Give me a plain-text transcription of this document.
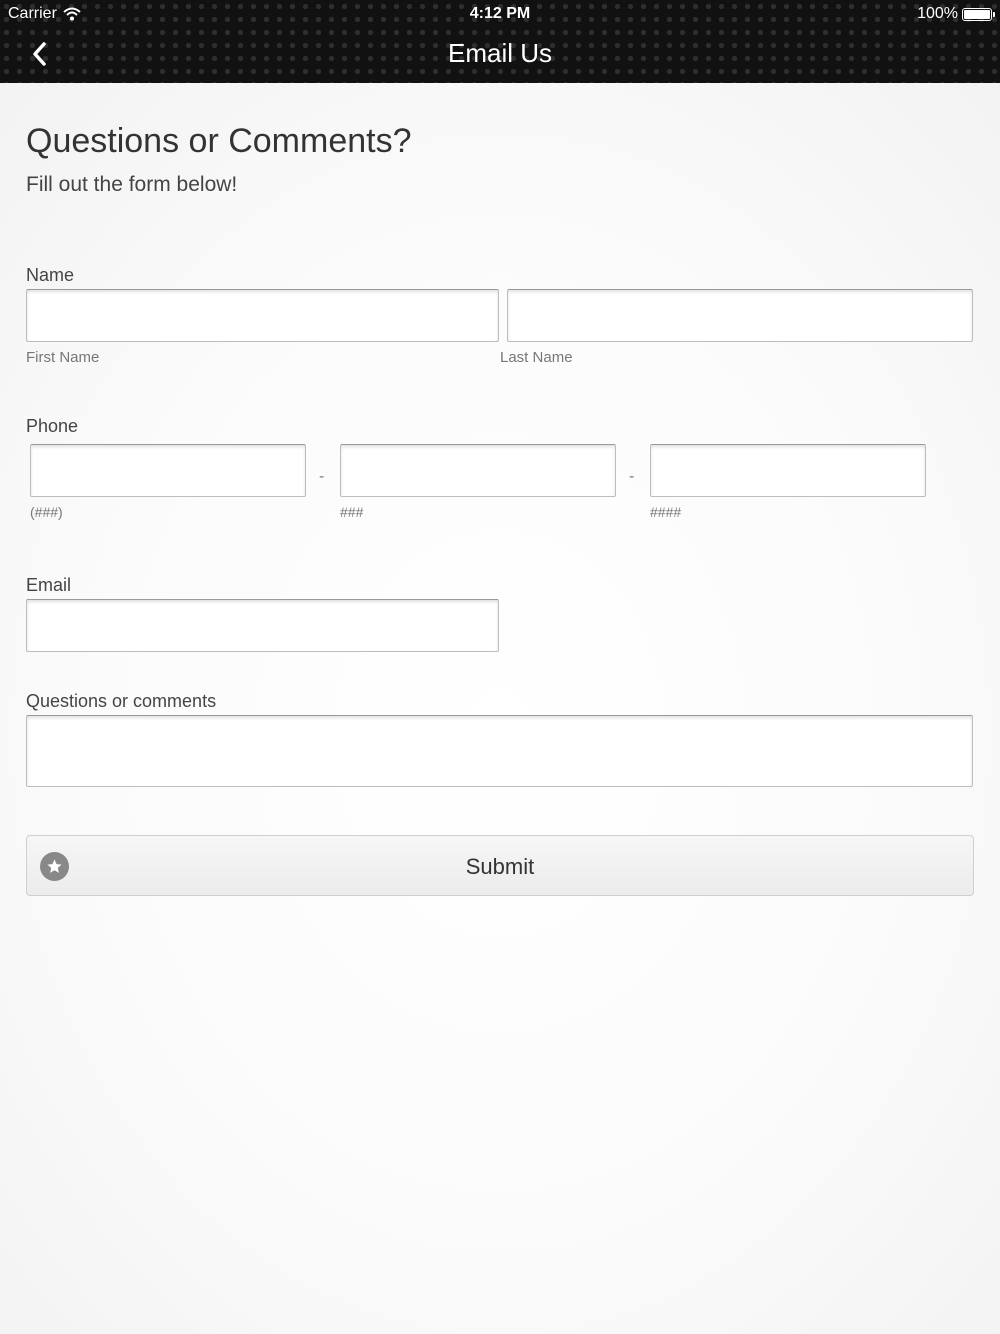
Carrier	4:12 PM	100%
Email Us
Questions or Comments?
Fill out the form below!
Name
First Name	Last Name
Phone
-	-
(###)	###	####
Email
Questions or comments
Submit
